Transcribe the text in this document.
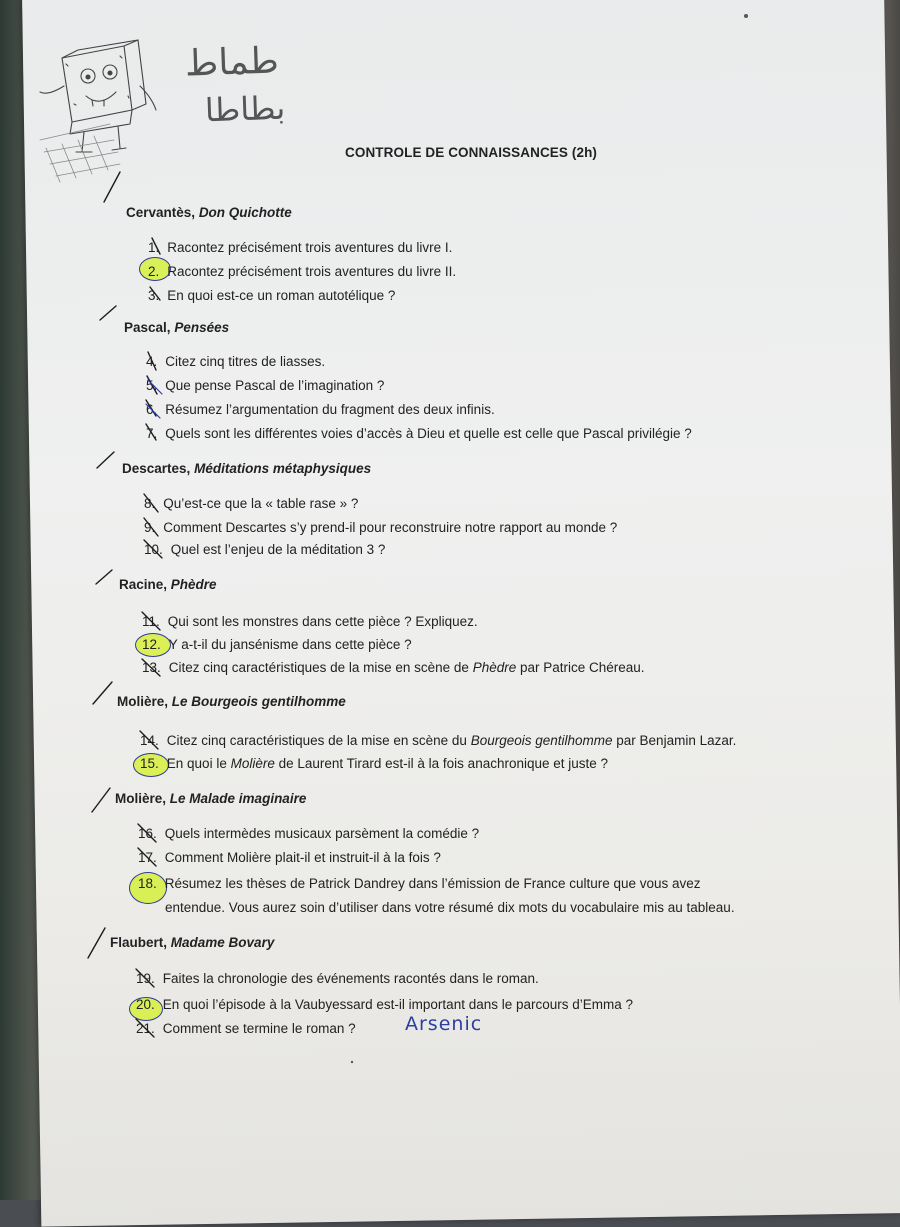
طماط
بطاطا
CONTROLE DE CONNAISSANCES (2h)
Cervantès, Don Quichotte
Pascal, Pensées
Descartes, Méditations métaphysiques
Racine, Phèdre
Molière, Le Bourgeois gentilhomme
Molière, Le Malade imaginaire
Flaubert, Madame Bovary
1. Racontez précisément trois aventures du livre I.
2. Racontez précisément trois aventures du livre II.
3. En quoi est-ce un roman autotélique ?
4. Citez cinq titres de liasses.
5. Que pense Pascal de l’imagination ?
6. Résumez l’argumentation du fragment des deux infinis.
7. Quels sont les différentes voies d’accès à Dieu et quelle est celle que Pascal privilégie ?
8. Qu’est-ce que la « table rase » ?
9. Comment Descartes s’y prend-il pour reconstruire notre rapport au monde ?
10. Quel est l’enjeu de la méditation 3 ?
11. Qui sont les monstres dans cette pièce ? Expliquez.
12. Y a-t-il du jansénisme dans cette pièce ?
13. Citez cinq caractéristiques de la mise en scène de Phèdre par Patrice Chéreau.
14. Citez cinq caractéristiques de la mise en scène du Bourgeois gentilhomme par Benjamin Lazar.
15. En quoi le Molière de Laurent Tirard est-il à la fois anachronique et juste ?
16. Quels intermèdes musicaux parsèment la comédie ?
17. Comment Molière plait-il et instruit-il à la fois ?
18. Résumez les thèses de Patrick Dandrey dans l’émission de France culture que vous avez
entendue. Vous aurez soin d’utiliser dans votre résumé dix mots du vocabulaire mis au tableau.
19. Faites la chronologie des événements racontés dans le roman.
20. En quoi l’épisode à la Vaubyessard est-il important dans le parcours d’Emma ?
21. Comment se termine le roman ?	Arsenic
